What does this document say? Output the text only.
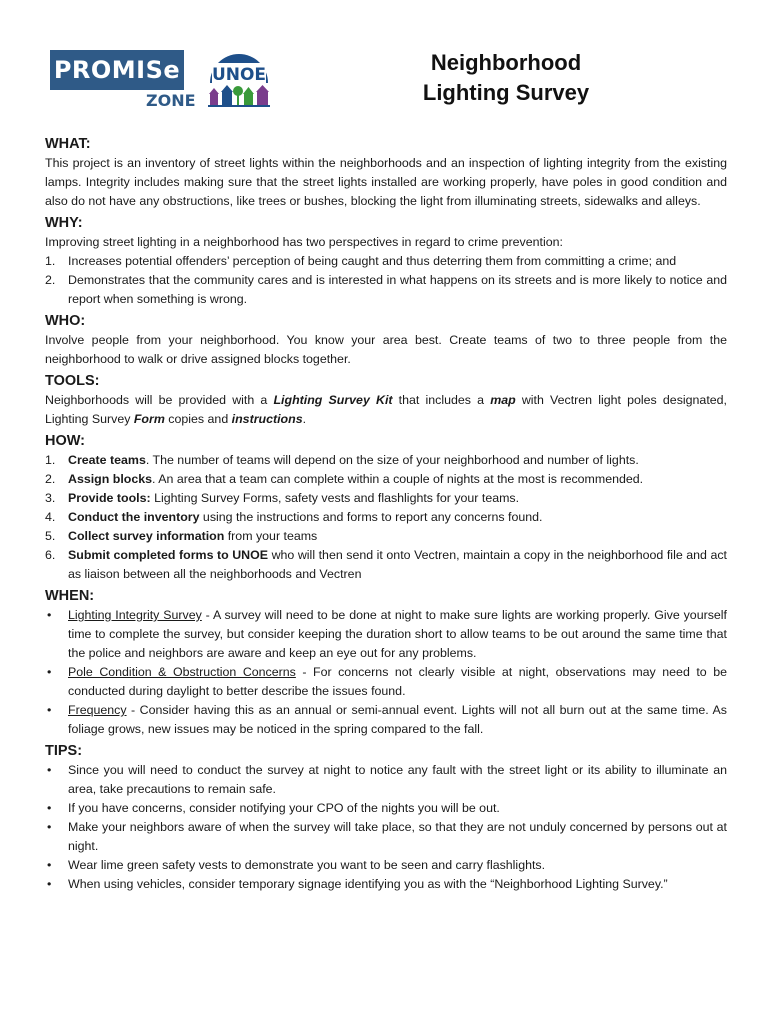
PROMISe
ZONE
UNOE	Neighborhood
Lighting Survey

WHAT:

This project is an inventory of street lights within the neighborhoods and an inspection of lighting integrity from the existing lamps. Integrity includes making sure that the street lights installed are working properly, have poles in good condition and also do not have any obstructions, like trees or bushes, blocking the light from illuminating streets, sidewalks and alleys.

WHY:

Improving street lighting in a neighborhood has two perspectives in regard to crime prevention:

1. Increases potential offenders’ perception of being caught and thus deterring them from committing a crime; and
2. Demonstrates that the community cares and is interested in what happens on its streets and is more likely to notice and report when something is wrong.

WHO:

Involve people from your neighborhood. You know your area best. Create teams of two to three people from the neighborhood to walk or drive assigned blocks together.

TOOLS:

Neighborhoods will be provided with a Lighting Survey Kit that includes a map with Vectren light poles designated, Lighting Survey Form copies and instructions.

HOW:

1. Create teams. The number of teams will depend on the size of your neighborhood and number of lights.
2. Assign blocks. An area that a team can complete within a couple of nights at the most is recommended.
3. Provide tools: Lighting Survey Forms, safety vests and flashlights for your teams.
4. Conduct the inventory using the instructions and forms to report any concerns found.
5. Collect survey information from your teams
6. Submit completed forms to UNOE who will then send it onto Vectren, maintain a copy in the neighborhood file and act as liaison between all the neighborhoods and Vectren

WHEN:

• Lighting Integrity Survey - A survey will need to be done at night to make sure lights are working properly. Give yourself time to complete the survey, but consider keeping the duration short to allow teams to be out around the same time that the police and neighbors are aware and keep an eye out for any problems.
• Pole Condition & Obstruction Concerns - For concerns not clearly visible at night, observations may need to be conducted during daylight to better describe the issues found.
• Frequency - Consider having this as an annual or semi-annual event. Lights will not all burn out at the same time. As foliage grows, new issues may be noticed in the spring compared to the fall.

TIPS:

• Since you will need to conduct the survey at night to notice any fault with the street light or its ability to illuminate an area, take precautions to remain safe.
• If you have concerns, consider notifying your CPO of the nights you will be out.
• Make your neighbors aware of when the survey will take place, so that they are not unduly concerned by persons out at night.
• Wear lime green safety vests to demonstrate you want to be seen and carry flashlights.
• When using vehicles, consider temporary signage identifying you as with the “Neighborhood Lighting Survey.”
